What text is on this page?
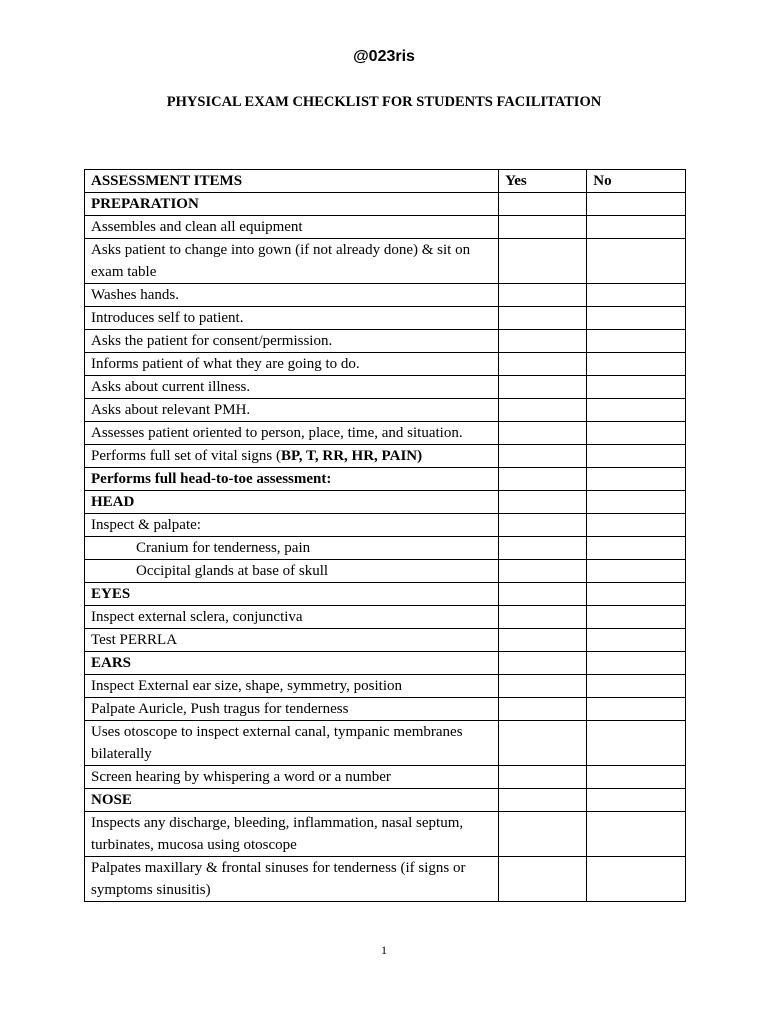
@023ris
PHYSICAL EXAM CHECKLIST FOR STUDENTS FACILITATION
ASSESSMENT ITEMS	Yes	No
PREPARATION		
Assembles and clean all equipment		
Asks patient to change into gown (if not already done) & sit on exam table		
Washes hands.		
Introduces self to patient.		
Asks the patient for consent/permission.		
Informs patient of what they are going to do.		
Asks about current illness.		
Asks about relevant PMH.		
Assesses patient oriented to person, place, time, and situation.		
Performs full set of vital signs (BP, T, RR, HR, PAIN)		
Performs full head-to-toe assessment:		
HEAD		
Inspect & palpate:		
Cranium for tenderness, pain		
Occipital glands at base of skull		
EYES		
Inspect external sclera, conjunctiva		
Test PERRLA		
EARS		
Inspect External ear size, shape, symmetry, position		
Palpate Auricle, Push tragus for tenderness		
Uses otoscope to inspect external canal, tympanic membranes bilaterally		
Screen hearing by whispering a word or a number		
NOSE		
Inspects any discharge, bleeding, inflammation, nasal septum, turbinates, mucosa using otoscope		
Palpates maxillary & frontal sinuses for tenderness (if signs or symptoms sinusitis)		
1
